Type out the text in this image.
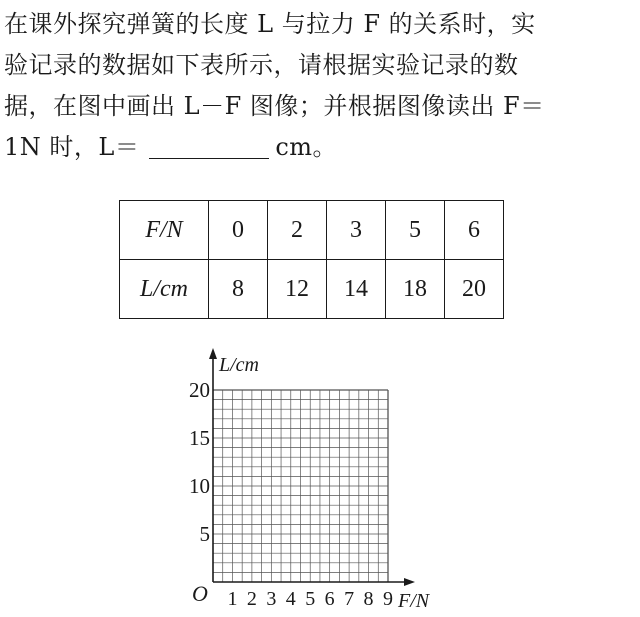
在课外探究弹簧的长度 L 与拉力 F 的关系时，实
验记录的数据如下表所示，请根据实验记录的数
据，在图中画出 L－F 图像；并根据图像读出 F＝
1N 时，L＝	cm。
F/N	0	2	3	5	6
L/cm	8	12	14	18	20
5
10
15
20
1 2 3 4 5 6 7 8 9
L/cm
F/N
O
